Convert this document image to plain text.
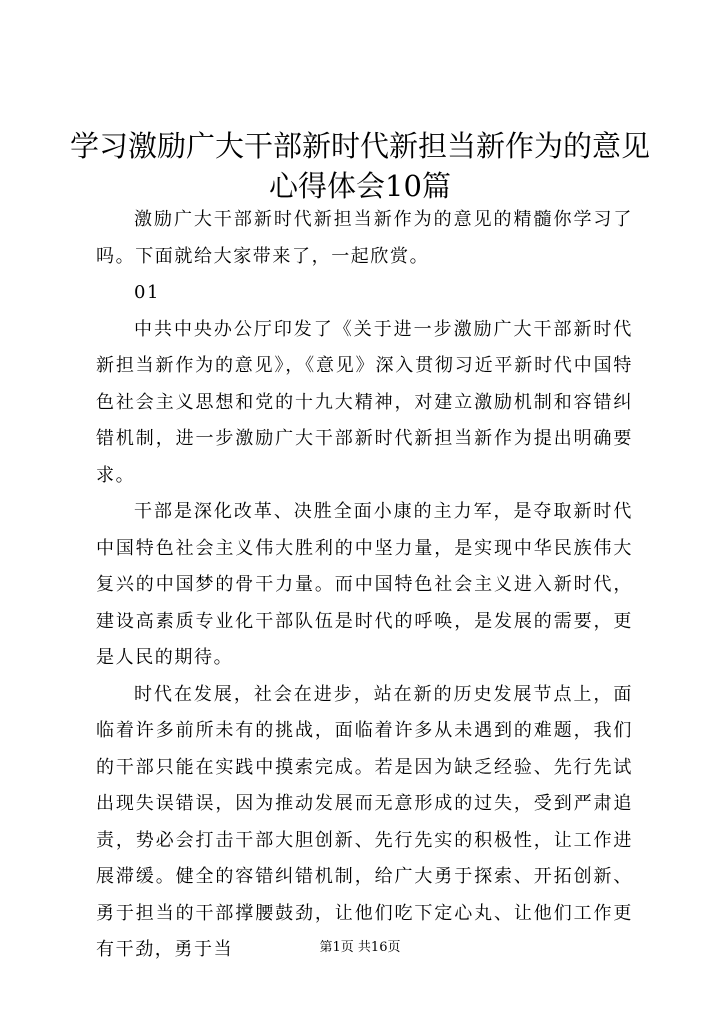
学习激励广大干部新时代新担当新作为的意见
心得体会10篇

激励广大干部新时代新担当新作为的意见的精髓你学习了吗。下面就给大家带来了，一起欣赏。

01

中共中央办公厅印发了《关于进一步激励广大干部新时代新担当新作为的意见》，《意见》深入贯彻习近平新时代中国特色社会主义思想和党的十九大精神，对建立激励机制和容错纠错机制，进一步激励广大干部新时代新担当新作为提出明确要求。

干部是深化改革、决胜全面小康的主力军，是夺取新时代中国特色社会主义伟大胜利的中坚力量，是实现中华民族伟大复兴的中国梦的骨干力量。而中国特色社会主义进入新时代，建设高素质专业化干部队伍是时代的呼唤，是发展的需要，更是人民的期待。

时代在发展，社会在进步，站在新的历史发展节点上，面临着许多前所未有的挑战，面临着许多从未遇到的难题，我们的干部只能在实践中摸索完成。若是因为缺乏经验、先行先试出现失误错误，因为推动发展而无意形成的过失，受到严肃追责，势必会打击干部大胆创新、先行先实的积极性，让工作进展滞缓。健全的容错纠错机制，给广大勇于探索、开拓创新、勇于担当的干部撑腰鼓劲，让他们吃下定心丸、让他们工作更有干劲，勇于当	第1页 共16页
